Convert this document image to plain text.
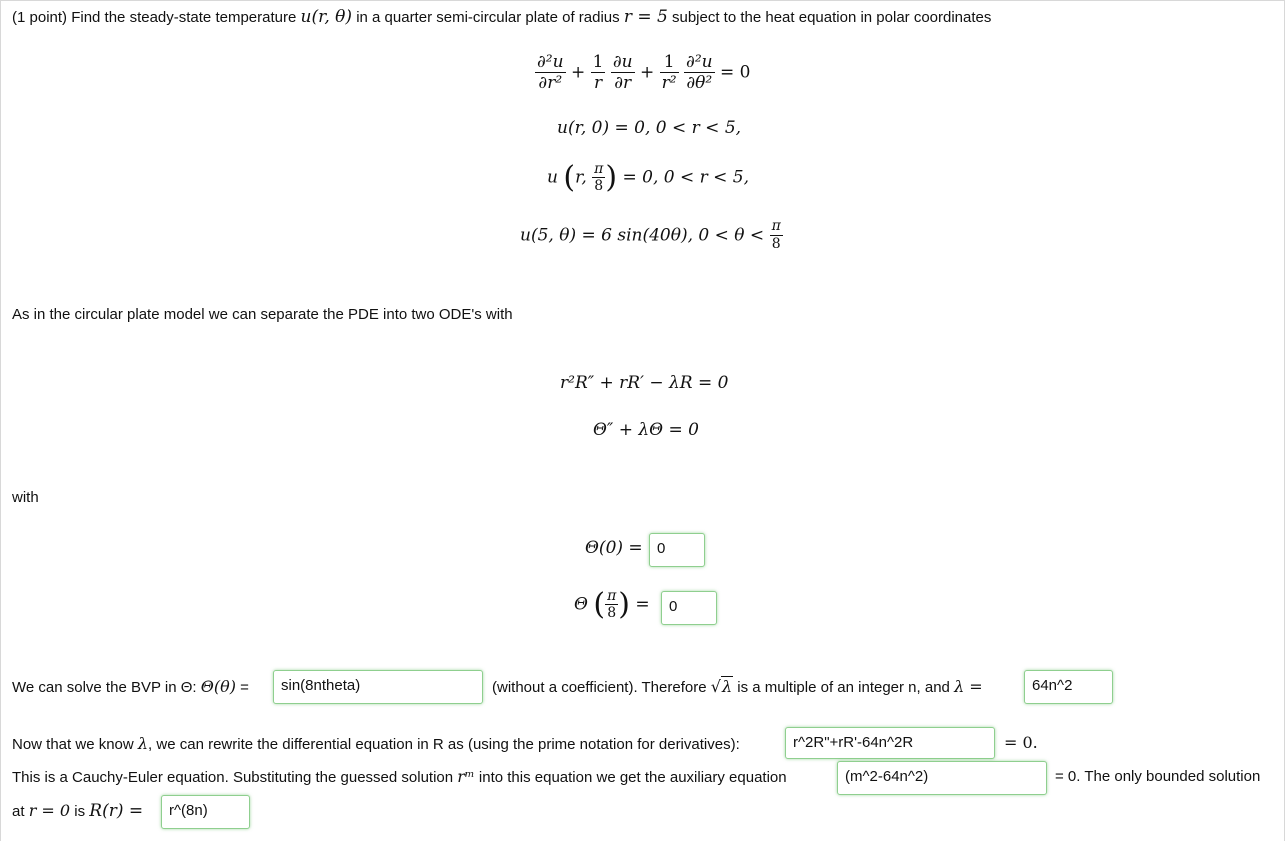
(1 point) Find the steady-state temperature u(r, θ) in a quarter semi-circular plate of radius r = 5 subject to the heat equation in polar coordinates
$\frac{\text{∂²u}}{\text{∂r²}} + \frac{1}{r}$
$\frac{\partial u}{\partial r} + \frac{1}{\text{r²}}$
$\frac{\text{∂²u}}{\text{∂θ²}} = 0$
u(r, 0) = 0, 0 < r < 5,
u (r, $\frac{\pi}{8}$ ) = 0, 0 < r < 5,
u(5, θ) = 6 sin(40θ), $0 < \theta < \frac{\pi}{8}$
As in the circular plate model we can separate the PDE into two ODE's with
r²R″ + rR′ − λR = 0
Θ″ + λΘ = 0
with
Θ(0) = 0
Θ ( $\frac{\pi}{8}$ ) =	0
We can solve the BVP in Θ: Θ(θ) =	sin(8ntheta)	(without a coefficient). Therefore √λ is a multiple of an integer n, and λ =	64n^2
Now that we know λ, we can rewrite the differential equation in R as (using the prime notation for derivatives):	r^2R"+rR'-64n^2R	= 0.
This is a Cauchy-Euler equation. Substituting the guessed solution rᵐ into this equation we get the auxiliary equation	(m^2-64n^2)	= 0. The only bounded solution
at r = 0 is R(r) =	r^(8n)
